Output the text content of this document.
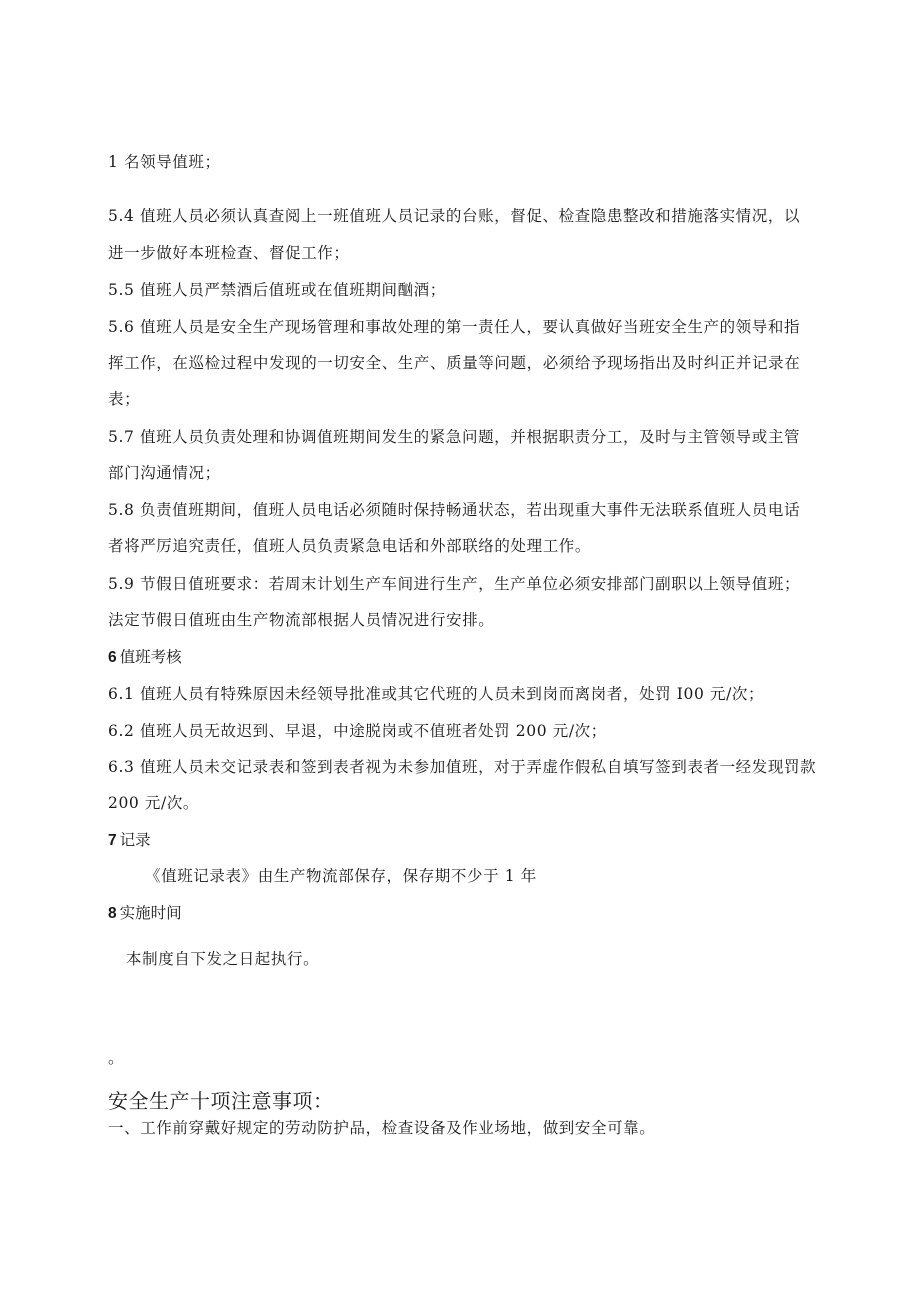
1 名领导值班；
5.4 值班人员必须认真查阅上一班值班人员记录的台账，督促、检查隐患整改和措施落实情况，以
进一步做好本班检查、督促工作；
5.5 值班人员严禁酒后值班或在值班期间酗酒；
5.6 值班人员是安全生产现场管理和事故处理的第一责任人，要认真做好当班安全生产的领导和指
挥工作，在巡检过程中发现的一切安全、生产、质量等问题，必须给予现场指出及时纠正并记录在
表；
5.7 值班人员负责处理和协调值班期间发生的紧急问题，并根据职责分工，及时与主管领导或主管
部门沟通情况；
5.8 负责值班期间，值班人员电话必须随时保持畅通状态，若出现重大事件无法联系值班人员电话
者将严厉追究责任，值班人员负责紧急电话和外部联络的处理工作。
5.9 节假日值班要求：若周末计划生产车间进行生产，生产单位必须安排部门副职以上领导值班；
法定节假日值班由生产物流部根据人员情况进行安排。
6 值班考核
6.1 值班人员有特殊原因未经领导批准或其它代班的人员未到岗而离岗者，处罚 I00 元/次；
6.2 值班人员无故迟到、早退，中途脱岗或不值班者处罚 200 元/次；
6.3 值班人员未交记录表和签到表者视为未参加值班，对于弄虚作假私自填写签到表者一经发现罚款
200 元/次。
7 记录
《值班记录表》由生产物流部保存，保存期不少于 1 年
8 实施时间
本制度自下发之日起执行。
。
安全生产十项注意事项：
一、工作前穿戴好规定的劳动防护品，检查设备及作业场地，做到安全可靠。
